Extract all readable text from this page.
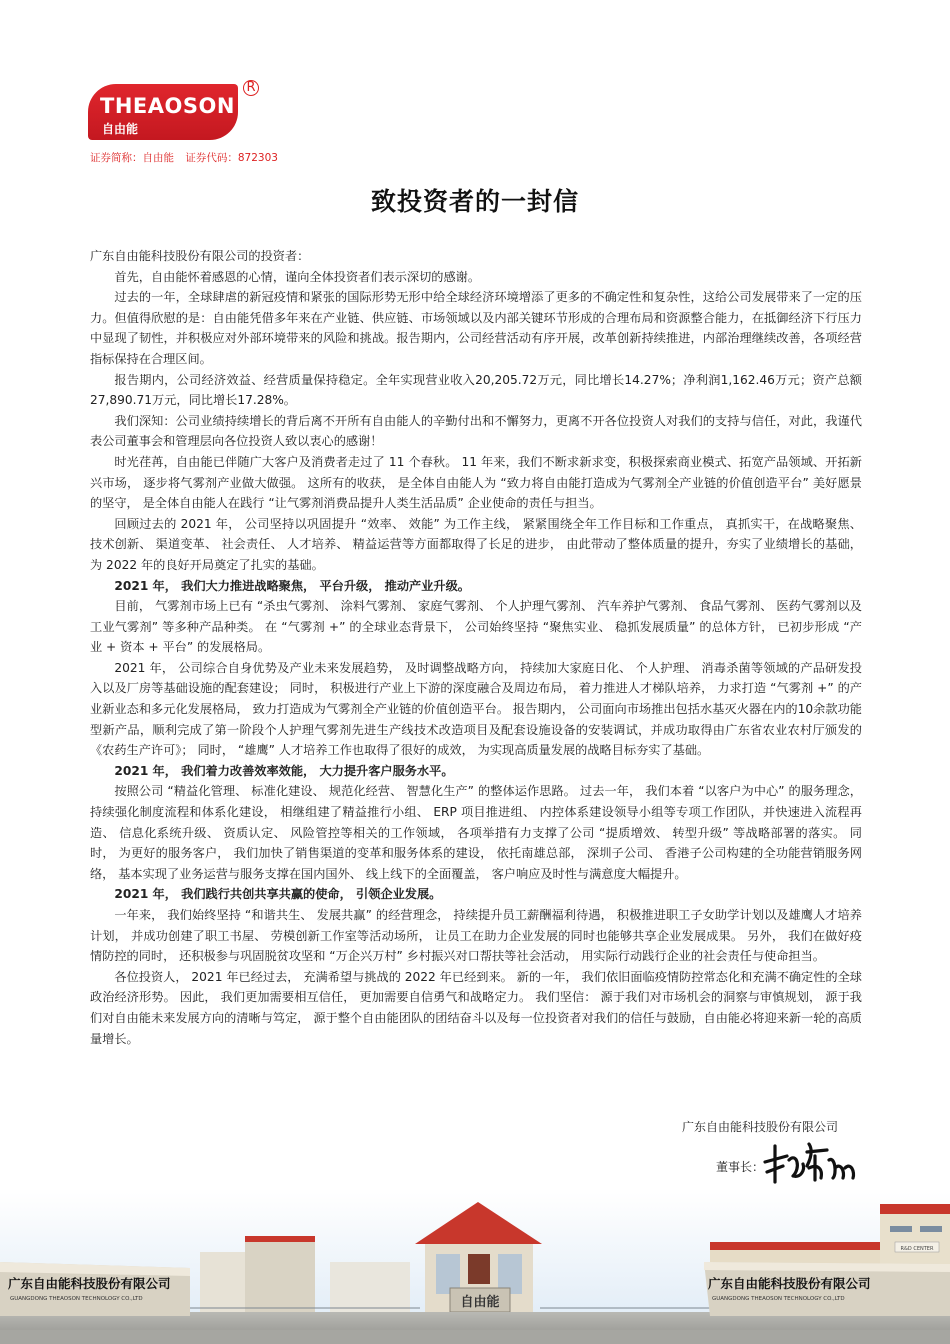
THEAOSON
自由能
R
证券简称：自由能 证券代码：872303
致投资者的一封信

广东自由能科技股份有限公司的投资者：

首先，自由能怀着感恩的心情，谨向全体投资者们表示深切的感谢。

过去的一年，全球肆虐的新冠疫情和紧张的国际形势无形中给全球经济环境增添了更多的不确定性和复杂性，这给公司发展带来了一定的压力。但值得欣慰的是：自由能凭借多年来在产业链、供应链、市场领域以及内部关键环节形成的合理布局和资源整合能力，在抵御经济下行压力中显现了韧性，并积极应对外部环境带来的风险和挑战。报告期内，公司经营活动有序开展，改革创新持续推进，内部治理继续改善，各项经营指标保持在合理区间。

报告期内，公司经济效益、经营质量保持稳定。全年实现营业收入20,205.72万元，同比增长14.27%；净利润1,162.46万元；资产总额27,890.71万元，同比增长17.28%。

我们深知：公司业绩持续增长的背后离不开所有自由能人的辛勤付出和不懈努力，更离不开各位投资人对我们的支持与信任，对此，我谨代表公司董事会和管理层向各位投资人致以衷心的感谢！

时光荏苒，自由能已伴随广大客户及消费者走过了 11 个春秋。 11 年来，我们不断求新求变，积极探索商业模式、拓宽产品领域、开拓新兴市场， 逐步将气雾剂产业做大做强。 这所有的收获， 是全体自由能人为 “致力将自由能打造成为气雾剂全产业链的价值创造平台” 美好愿景的坚守， 是全体自由能人在践行 “让气雾剂消费品提升人类生活品质” 企业使命的责任与担当。

回顾过去的 2021 年， 公司坚持以巩固提升 “效率、 效能” 为工作主线， 紧紧围绕全年工作目标和工作重点， 真抓实干，在战略聚焦、 技术创新、 渠道变革、 社会责任、 人才培养、 精益运营等方面都取得了长足的进步， 由此带动了整体质量的提升，夯实了业绩增长的基础， 为 2022 年的良好开局奠定了扎实的基础。

2021 年， 我们大力推进战略聚焦， 平台升级， 推动产业升级。

目前， 气雾剂市场上已有 “杀虫气雾剂、 涂料气雾剂、 家庭气雾剂、 个人护理气雾剂、 汽车养护气雾剂、 食品气雾剂、 医药气雾剂以及工业气雾剂” 等多种产品种类。 在 “气雾剂 +” 的全球业态背景下， 公司始终坚持 “聚焦实业、 稳抓发展质量” 的总体方针， 已初步形成 “产业 + 资本 + 平台” 的发展格局。

2021 年， 公司综合自身优势及产业未来发展趋势， 及时调整战略方向， 持续加大家庭日化、 个人护理、 消毒杀菌等领域的产品研发投入以及厂房等基础设施的配套建设； 同时， 积极进行产业上下游的深度融合及周边布局， 着力推进人才梯队培养， 力求打造 “气雾剂 +” 的产业新业态和多元化发展格局， 致力打造成为气雾剂全产业链的价值创造平台。 报告期内， 公司面向市场推出包括水基灭火器在内的10余款功能型新产品，顺利完成了第一阶段个人护理气雾剂先进生产线技术改造项目及配套设施设备的安装调试，并成功取得由广东省农业农村厅颁发的 《农药生产许可》； 同时， “雄鹰” 人才培养工作也取得了很好的成效， 为实现高质量发展的战略目标夯实了基础。

2021 年， 我们着力改善效率效能， 大力提升客户服务水平。

按照公司 “精益化管理、 标准化建设、 规范化经营、 智慧化生产” 的整体运作思路。 过去一年， 我们本着 “以客户为中心” 的服务理念， 持续强化制度流程和体系化建设， 相继组建了精益推行小组、 ERP 项目推进组、 内控体系建设领导小组等专项工作团队，并快速进入流程再造、 信息化系统升级、 资质认定、 风险管控等相关的工作领域， 各项举措有力支撑了公司 “提质增效、 转型升级” 等战略部署的落实。 同时， 为更好的服务客户， 我们加快了销售渠道的变革和服务体系的建设， 依托南雄总部， 深圳子公司、 香港子公司构建的全功能营销服务网络， 基本实现了业务运营与服务支撑在国内国外、 线上线下的全面覆盖， 客户响应及时性与满意度大幅提升。

2021 年， 我们践行共创共享共赢的使命， 引领企业发展。

一年来， 我们始终坚持 “和谐共生、 发展共赢” 的经营理念， 持续提升员工薪酬福利待遇， 积极推进职工子女助学计划以及雄鹰人才培养计划， 并成功创建了职工书屋、 劳模创新工作室等活动场所， 让员工在助力企业发展的同时也能够共享企业发展成果。 另外， 我们在做好疫情防控的同时， 还积极参与巩固脱贫攻坚和 “万企兴万村” 乡村振兴对口帮扶等社会活动， 用实际行动践行企业的社会责任与使命担当。

各位投资人， 2021 年已经过去， 充满希望与挑战的 2022 年已经到来。 新的一年， 我们依旧面临疫情防控常态化和充满不确定性的全球政治经济形势。 因此， 我们更加需要相互信任， 更加需要自信勇气和战略定力。 我们坚信： 源于我们对市场机会的洞察与审慎规划， 源于我们对自由能未来发展方向的清晰与笃定， 源于整个自由能团队的团结奋斗以及每一位投资者对我们的信任与鼓励，自由能必将迎来新一轮的高质量增长。

广东自由能科技股份有限公司
董事长：
R&D CENTER
自由能
广东自由能科技股份有限公司
GUANGDONG THEAOSON TECHNOLOGY CO.,LTD
广东自由能科技股份有限公司
GUANGDONG THEAOSON TECHNOLOGY CO.,LTD
